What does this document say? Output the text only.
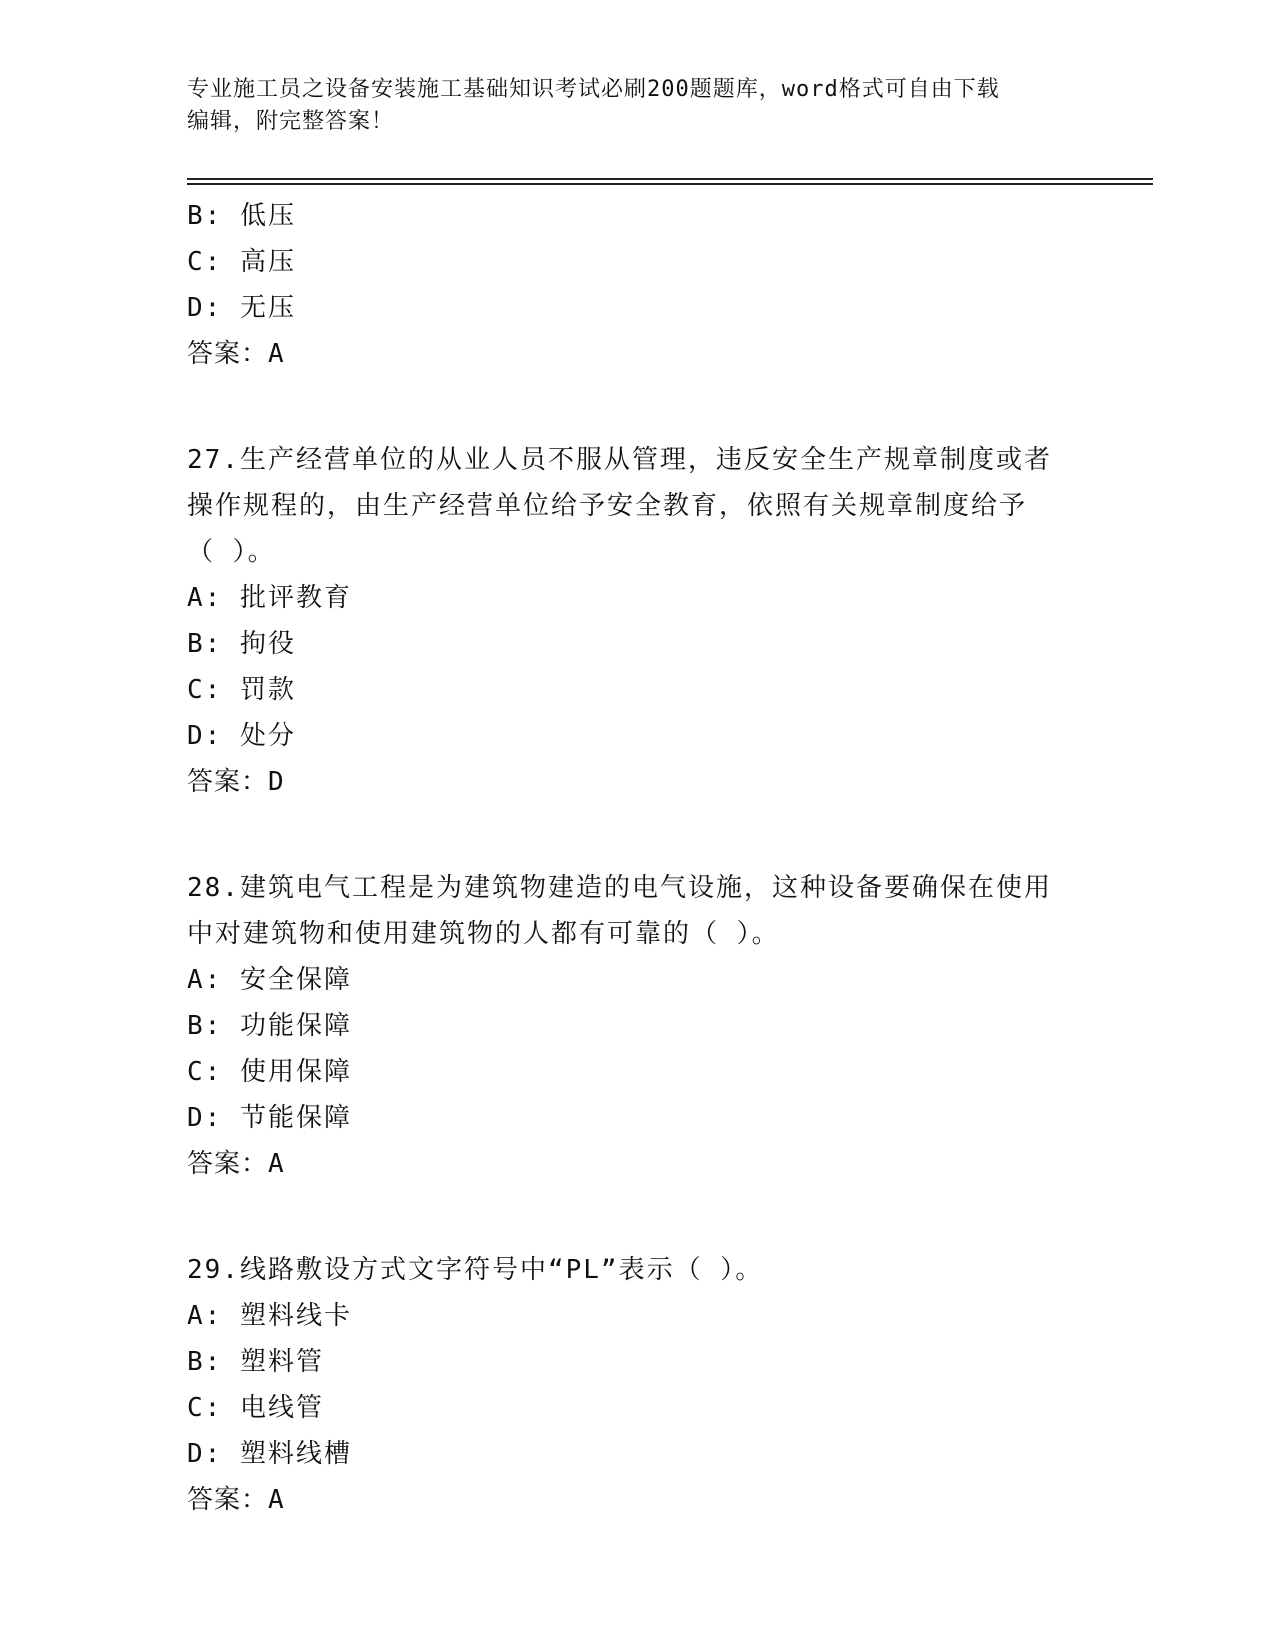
专业施工员之设备安装施工基础知识考试必刷200题题库，word格式可自由下载
编辑，附完整答案！
B: 低压
C: 高压
D: 无压
答案：A
27.生产经营单位的从业人员不服从管理，违反安全生产规章制度或者
操作规程的，由生产经营单位给予安全教育，依照有关规章制度给予
（ ）。
A: 批评教育
B: 拘役
C: 罚款
D: 处分
答案：D
28.建筑电气工程是为建筑物建造的电气设施，这种设备要确保在使用
中对建筑物和使用建筑物的人都有可靠的（ ）。
A: 安全保障
B: 功能保障
C: 使用保障
D: 节能保障
答案：A
29.线路敷设方式文字符号中“PL”表示（ ）。
A: 塑料线卡
B: 塑料管
C: 电线管
D: 塑料线槽
答案：A
